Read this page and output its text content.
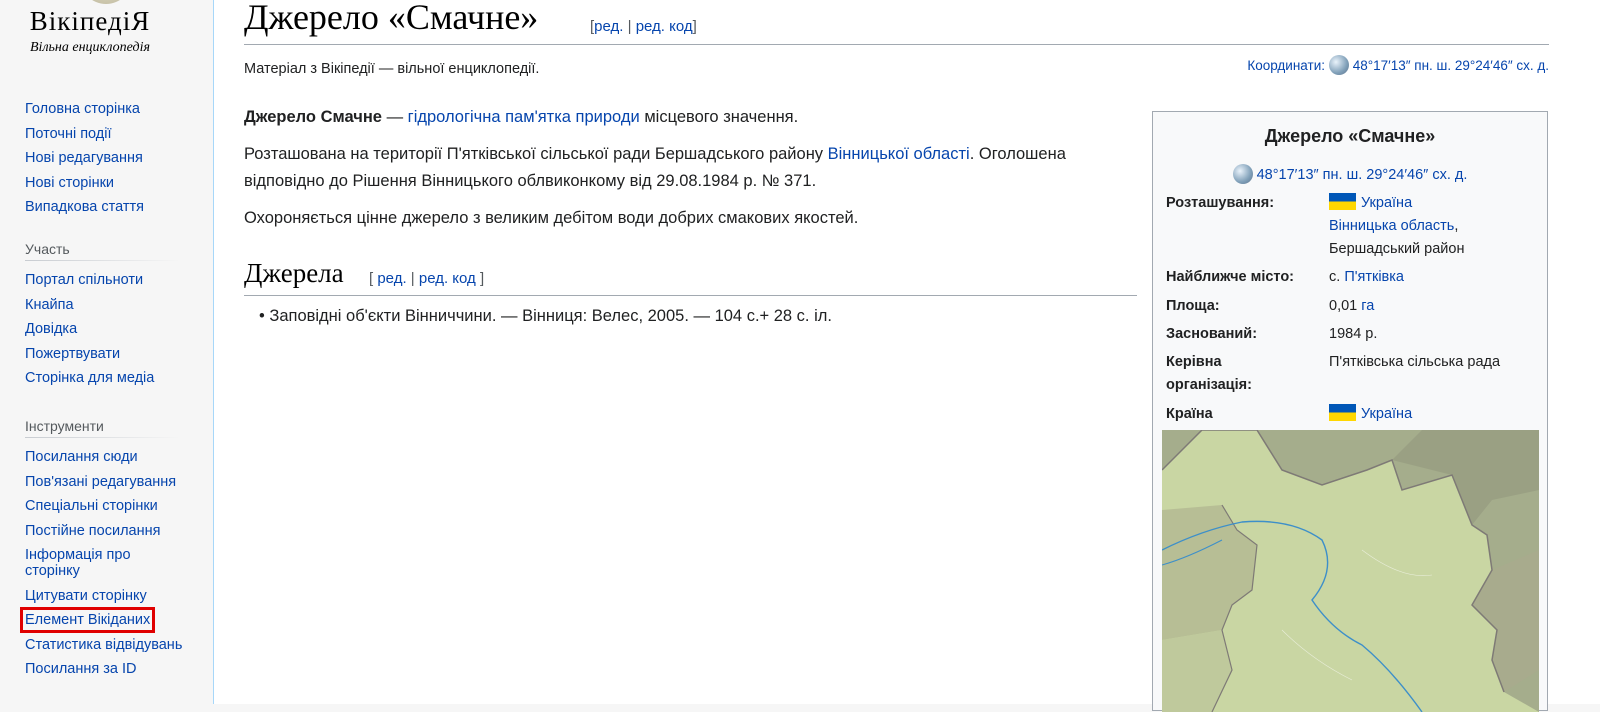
ВікіпедіЯ
Вільна енциклопедія
Головна сторінка
Поточні події
Нові редагування
Нові сторінки
Випадкова стаття
Участь
Портал спільноти
Кнайпа
Довідка
Пожертвувати
Сторінка для медіа
Інструменти
Посилання сюди
Пов'язані редагування
Спеціальні сторінки
Постійне посилання
Інформація про сторінку
Цитувати сторінку
Елемент Вікіданих
Статистика відвідувань
Посилання за ID
Джерело «Смачне»	[ред. | ред. код]
Матеріал з Вікіпедії — вільної енциклопедії.	Координати: 48°17′13″ пн. ш. 29°24′46″ сх. д.

Джерело Смачне — гідрологічна пам'ятка природи місцевого значення.

Розташована на території П'ятківської сільської ради Бершадського району Вінницької області. Оголошена відповідно до Рішення Вінницького облвиконкому від 29.08.1984 р. № 371.

Охороняється цінне джерело з великим дебітом води добрих смакових якостей.

Джерела [ ред. | ред. код ]
• Заповідні об'єкти Вінниччини. — Вінниця: Велес, 2005. — 104 с.+ 28 с. іл.
Джерело «Смачне»
48°17′13″ пн. ш. 29°24′46″ сх. д.
Розташування:	Україна
Вінницька область,
Бершадський район
Найближче місто:	с. П'ятківка
Площа:	0,01 га
Заснований:	1984 р.
Керівна організація:
П'ятківська сільська рада
Країна	Україна
